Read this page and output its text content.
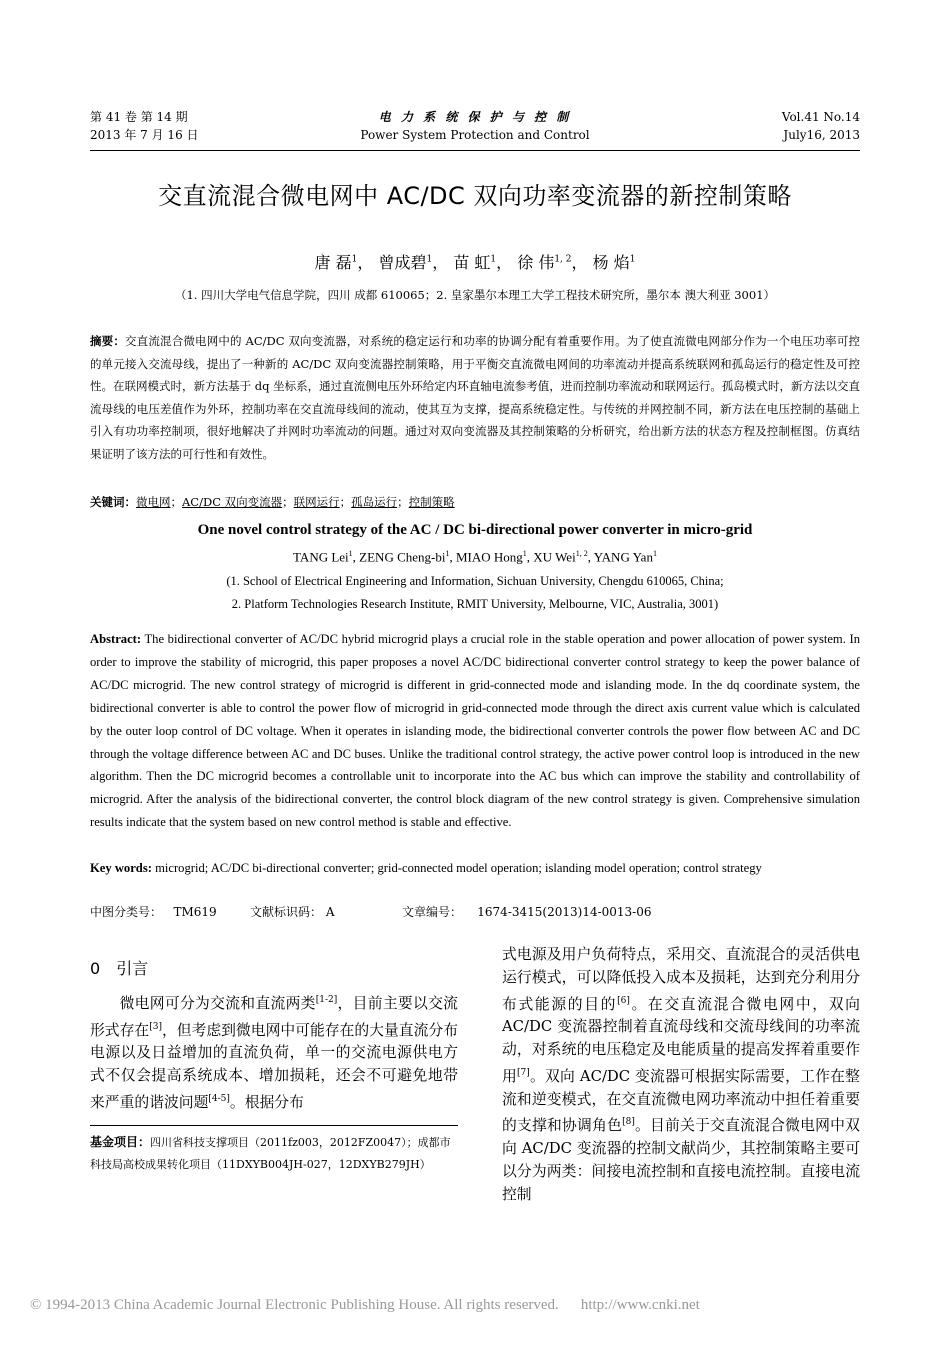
第 41 卷 第 14 期
2013 年 7 月 16 日
电 力 系 统 保 护 与 控 制
Power System Protection and Control
Vol.41 No.14
July16, 2013
交直流混合微电网中 AC/DC 双向功率变流器的新控制策略
唐 磊$^1$， 曾成碧$^1$， 苗 虹$^1$， 徐 伟$^{1, 2}$， 杨 焰$^1$
（1. 四川大学电气信息学院，四川 成都 610065；2. 皇家墨尔本理工大学工程技术研究所，墨尔本 澳大利亚 3001）
摘要：交直流混合微电网中的 AC/DC 双向变流器，对系统的稳定运行和功率的协调分配有着重要作用。为了使直流微电网部分作为一个电压功率可控的单元接入交流母线，提出了一种新的 AC/DC 双向变流器控制策略，用于平衡交直流微电网间的功率流动并提高系统联网和孤岛运行的稳定性及可控性。在联网模式时，新方法基于 dq 坐标系，通过直流侧电压外环给定内环直轴电流参考值，进而控制功率流动和联网运行。孤岛模式时，新方法以交直流母线的电压差值作为外环，控制功率在交直流母线间的流动，使其互为支撑，提高系统稳定性。与传统的并网控制不同，新方法在电压控制的基础上引入有功功率控制项，很好地解决了并网时功率流动的问题。通过对双向变流器及其控制策略的分析研究，给出新方法的状态方程及控制框图。仿真结果证明了该方法的可行性和有效性。
关键词：微电网；AC/DC 双向变流器；联网运行；孤岛运行；控制策略
One novel control strategy of the AC / DC bi-directional power converter in micro-grid
TANG Lei$^1$, ZENG Cheng-$bi^1$, MIAO Hong$^1$, XU Wei$^{1, 2}$, YANG Yan$^1$
(1. School of Electrical Engineering and Information, Sichuan University, Chengdu 610065, China;
2. Platform Technologies Research Institute, RMIT University, Melbourne, VIC, Australia, 3001)
Abstract: The bidirectional converter of AC/DC hybrid microgrid plays a crucial role in the stable operation and power allocation of power system. In order to improve the stability of microgrid, this paper proposes a novel AC/DC bidirectional converter control strategy to keep the power balance of AC/DC microgrid. The new control strategy of microgrid is different in grid-connected mode and islanding mode. In the dq coordinate system, the bidirectional converter is able to control the power flow of microgrid in grid-connected mode through the direct axis current value which is calculated by the outer loop control of DC voltage. When it operates in islanding mode, the bidirectional converter controls the power flow between AC and DC through the voltage difference between AC and DC buses. Unlike the traditional control strategy, the active power control loop is introduced in the new algorithm. Then the DC microgrid becomes a controllable unit to incorporate into the AC bus which can improve the stability and controllability of microgrid. After the analysis of the bidirectional converter, the control block diagram of the new control strategy is given. Comprehensive simulation results indicate that the system based on new control method is stable and effective.
Key words: microgrid; AC/DC bi-directional converter; grid-connected model operation; islanding model operation; control strategy
中图分类号： TM619	文献标识码： A	文章编号： 1674-3415(2013)14-0013-06
0 引言
微电网可分为交流和直流两类[1-2]，目前主要以交流形式存在[3]，但考虑到微电网中可能存在的大量直流分布电源以及日益增加的直流负荷，单一的交流电源供电方式不仅会提高系统成本、增加损耗，还会不可避免地带来严重的谐波问题[4-5]。根据分布
基金项目：四川省科技支撑项目（2011fz003，2012FZ0047）；成都市科技局高校成果转化项目（11DXYB004JH-027，12DXYB279JH）
式电源及用户负荷特点，采用交、直流混合的灵活供电运行模式，可以降低投入成本及损耗，达到充分利用分布式能源的目的[6]。在交直流混合微电网中，双向 AC/DC 变流器控制着直流母线和交流母线间的功率流动，对系统的电压稳定及电能质量的提高发挥着重要作用[7]。双向 AC/DC 变流器可根据实际需要，工作在整流和逆变模式，在交直流微电网功率流动中担任着重要的支撑和协调角色[8]。目前关于交直流混合微电网中双向 AC/DC 变流器的控制文献尚少，其控制策略主要可以分为两类：间接电流控制和直接电流控制。直接电流控制
© 1994-2013 China Academic Journal Electronic Publishing House. All rights reserved. http://www.cnki.net
